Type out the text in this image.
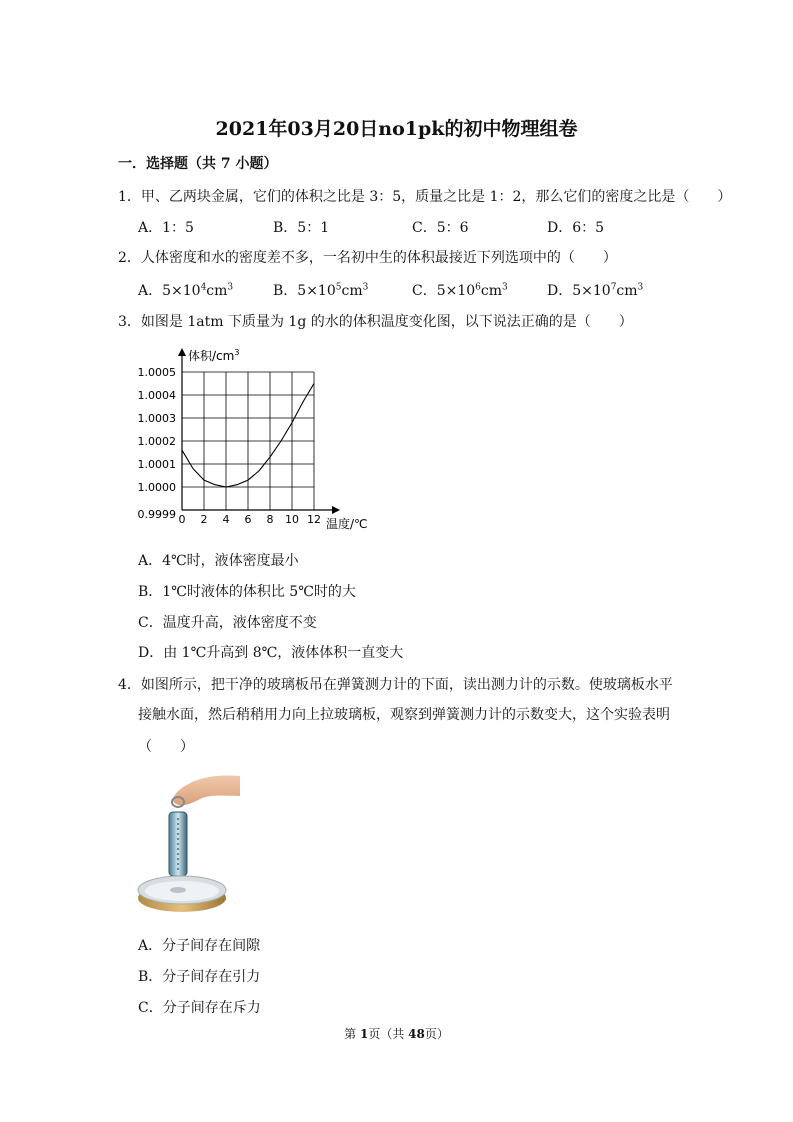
2021年03月20日no1pk的初中物理组卷
一．选择题（共 7 小题）
1．甲、乙两块金属，它们的体积之比是 3：5，质量之比是 1：2，那么它们的密度之比是（　　）
A．1：5	B．5：1	C．5：6	D．6：5
2．人体密度和水的密度差不多，一名初中生的体积最接近下列选项中的（　　）
A．$5\times 10^4cm^3$	B．$5\times 10^5cm^3$	C．$5\times 10^6cm^3$	D．$5\times 10^7cm^3$
3．如图是 1atm 下质量为 1g 的水的体积温度变化图，以下说法正确的是（　　）
0.9999
1.0000
1.0001
1.0002
1.0003
1.0004
1.0005
0 2 4 6 8 10 12
体积$/cm^3$
温度/℃
A．4℃时，液体密度最小
B．1℃时液体的体积比 5℃时的大
C．温度升高，液体密度不变
D．由 1℃升高到 8℃，液体体积一直变大
4．如图所示，把干净的玻璃板吊在弹簧测力计的下面，读出测力计的示数。使玻璃板水平
接触水面，然后稍稍用力向上拉玻璃板，观察到弹簧测力计的示数变大，这个实验表明
（　　）
A．分子间存在间隙
B．分子间存在引力
C．分子间存在斥力
第 1页（共 48页）
